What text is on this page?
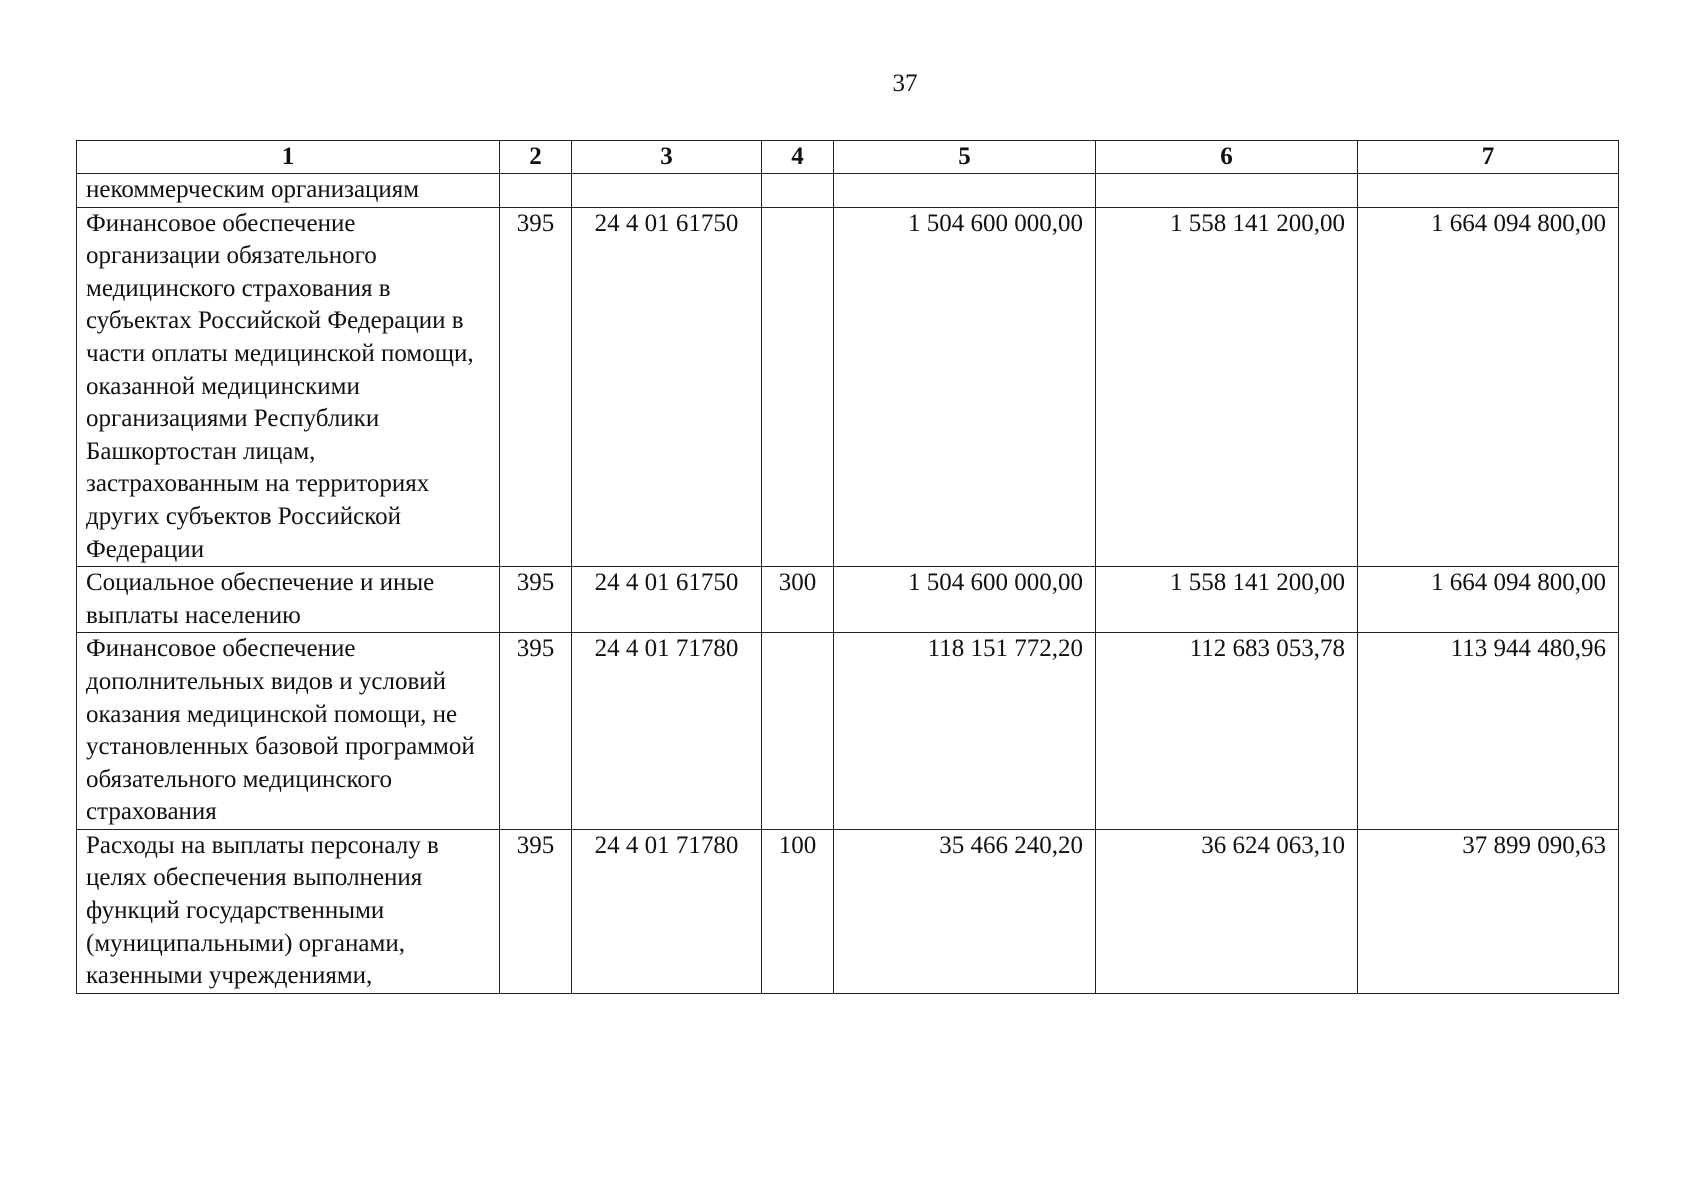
37
1	2	3	4	5	6	7
некоммерческим организациям						
Финансовое обеспечение организации обязательного медицинского страхования в субъектах Российской Федерации в части оплаты медицинской помощи, оказанной медицинскими организациями Республики Башкортостан лицам, застрахованным на территориях других субъектов Российской Федерации	395	24 4 01 61750		1 504 600 000,00	1 558 141 200,00	1 664 094 800,00
Социальное обеспечение и иные выплаты населению	395	24 4 01 61750	300	1 504 600 000,00	1 558 141 200,00	1 664 094 800,00
Финансовое обеспечение дополнительных видов и условий оказания медицинской помощи, не установленных базовой программой обязательного медицинского страхования	395	24 4 01 71780		118 151 772,20	112 683 053,78	113 944 480,96
Расходы на выплаты персоналу в целях обеспечения выполнения функций государственными (муниципальными) органами, казенными учреждениями,	395	24 4 01 71780	100	35 466 240,20	36 624 063,10	37 899 090,63
